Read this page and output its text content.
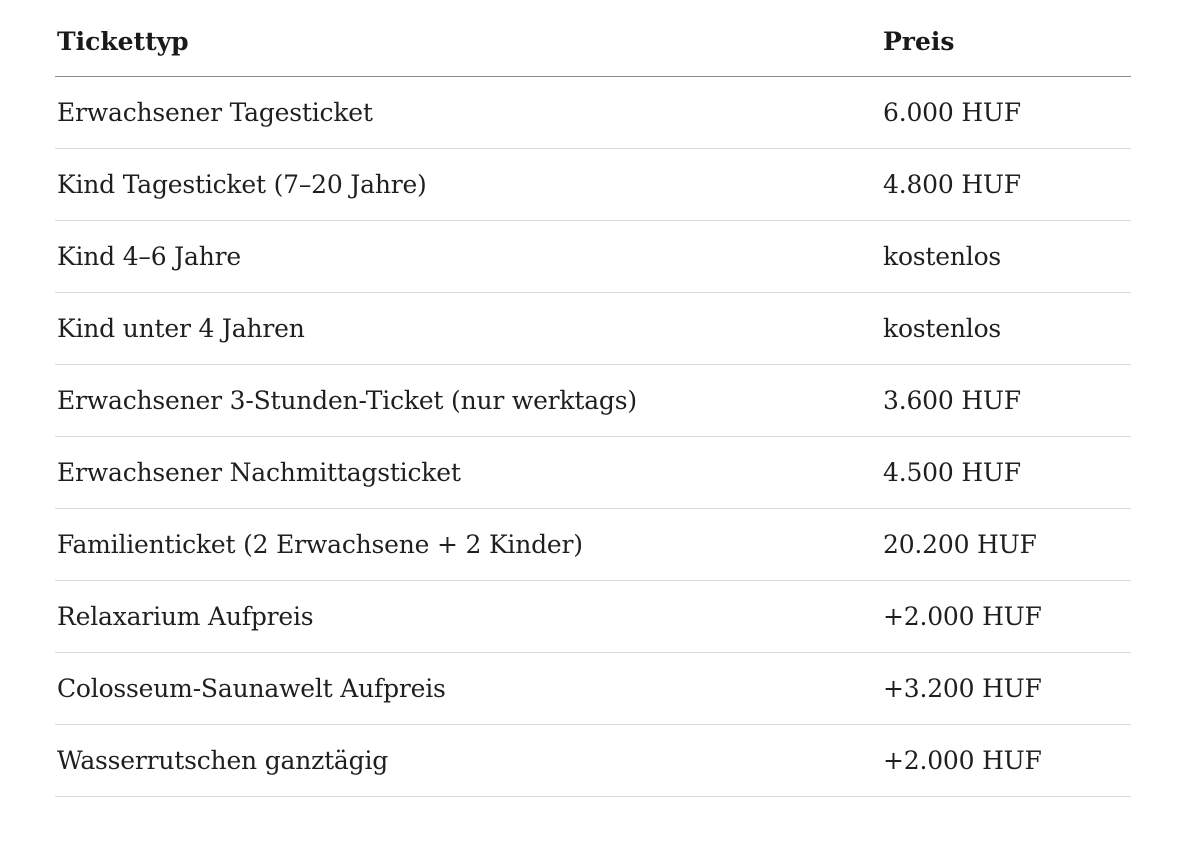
Tickettyp	Preis
Erwachsener Tagesticket	6.000 HUF
Kind Tagesticket (7–20 Jahre)	4.800 HUF
Kind 4–6 Jahre	kostenlos
Kind unter 4 Jahren	kostenlos
Erwachsener 3-Stunden-Ticket (nur werktags)	3.600 HUF
Erwachsener Nachmittagsticket	4.500 HUF
Familienticket (2 Erwachsene + 2 Kinder)	20.200 HUF
Relaxarium Aufpreis	+2.000 HUF
Colosseum-Saunawelt Aufpreis	+3.200 HUF
Wasserrutschen ganztägig	+2.000 HUF
